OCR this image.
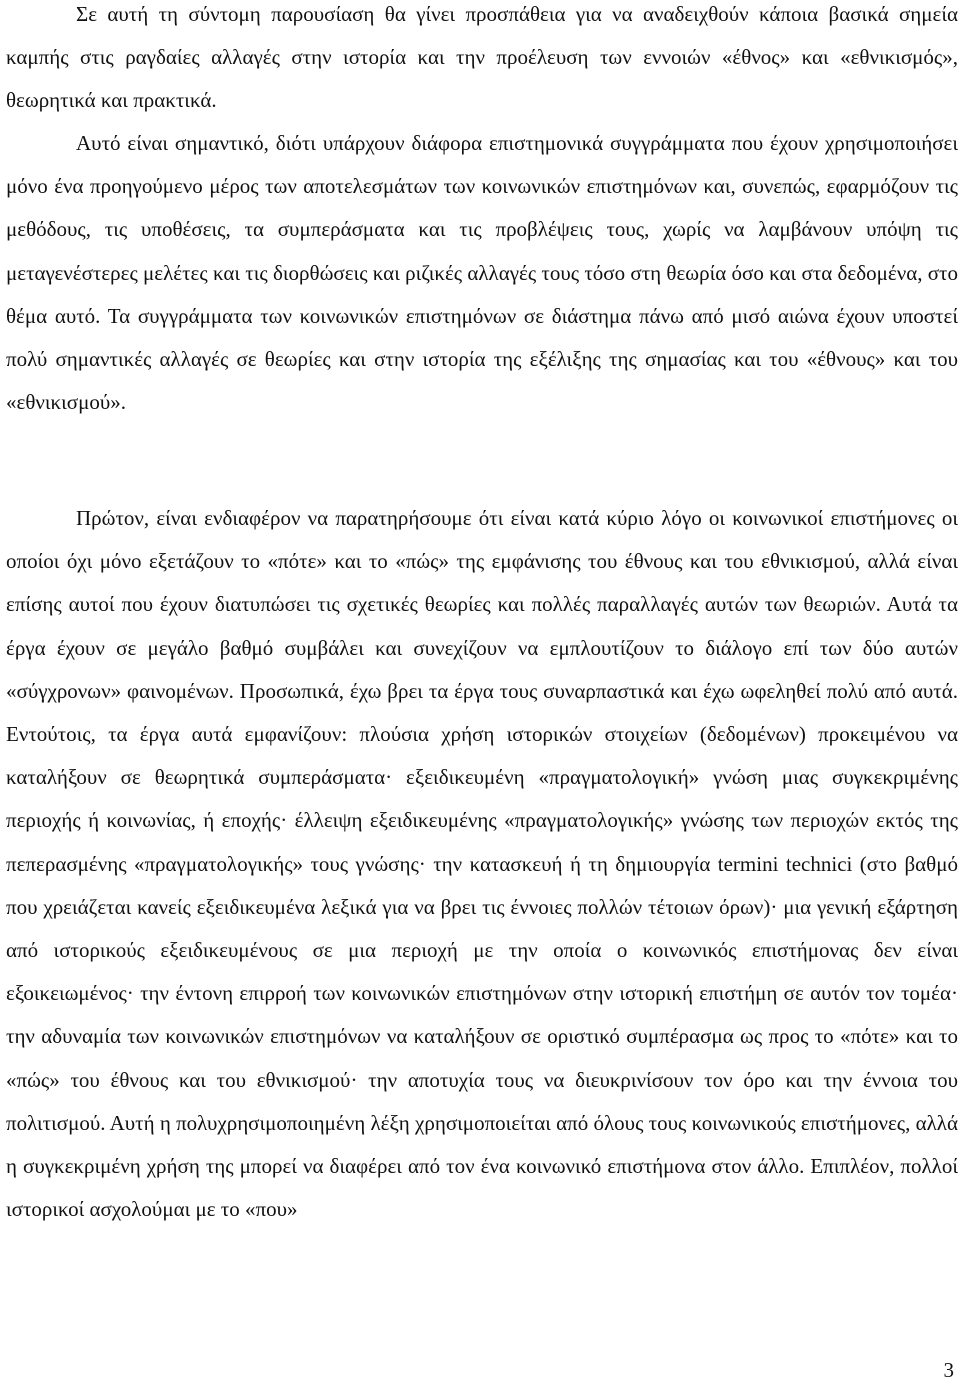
Σε αυτή τη σύντομη παρουσίαση θα γίνει προσπάθεια για να αναδειχθούν κάποια βασικά σημεία καμπής στις ραγδαίες αλλαγές στην ιστορία και την προέλευση των εννοιών «έθνος» και «εθνικισμός», θεωρητικά και πρακτικά.

Αυτό είναι σημαντικό, διότι υπάρχουν διάφορα επιστημονικά συγγράμματα που έχουν χρησιμοποιήσει μόνο ένα προηγούμενο μέρος των αποτελεσμάτων των κοινωνικών επιστημόνων και, συνεπώς, εφαρμόζουν τις μεθόδους, τις υποθέσεις, τα συμπεράσματα και τις προβλέψεις τους, χωρίς να λαμβάνουν υπόψη τις μεταγενέστερες μελέτες και τις διορθώσεις και ριζικές αλλαγές τους τόσο στη θεωρία όσο και στα δεδομένα, στο θέμα αυτό. Τα συγγράμματα των κοινωνικών επιστημόνων σε διάστημα πάνω από μισό αιώνα έχουν υποστεί πολύ σημαντικές αλλαγές σε θεωρίες και στην ιστορία της εξέλιξης της σημασίας και του «έθνους» και του «εθνικισμού».

Πρώτον, είναι ενδιαφέρον να παρατηρήσουμε ότι είναι κατά κύριο λόγο οι κοινωνικοί επιστήμονες οι οποίοι όχι μόνο εξετάζουν το «πότε» και το «πώς» της εμφάνισης του έθνους και του εθνικισμού, αλλά είναι επίσης αυτοί που έχουν διατυπώσει τις σχετικές θεωρίες και πολλές παραλλαγές αυτών των θεωριών. Αυτά τα έργα έχουν σε μεγάλο βαθμό συμβάλει και συνεχίζουν να εμπλουτίζουν το διάλογο επί των δύο αυτών «σύγχρονων» φαινομένων. Προσωπικά, έχω βρει τα έργα τους συναρπαστικά και έχω ωφεληθεί πολύ από αυτά. Εντούτοις, τα έργα αυτά εμφανίζουν: πλούσια χρήση ιστορικών στοιχείων (δεδομένων) προκειμένου να καταλήξουν σε θεωρητικά συμπεράσματα· εξειδικευμένη «πραγματολογική» γνώση μιας συγκεκριμένης περιοχής ή κοινωνίας, ή εποχής· έλλειψη εξειδικευμένης «πραγματολογικής» γνώσης των περιοχών εκτός της πεπερασμένης «πραγματολογικής» τους γνώσης· την κατασκευή ή τη δημιουργία termini technici (στο βαθμό που χρειάζεται κανείς εξειδικευμένα λεξικά για να βρει τις έννοιες πολλών τέτοιων όρων)· μια γενική εξάρτηση από ιστορικούς εξειδικευμένους σε μια περιοχή με την οποία ο κοινωνικός επιστήμονας δεν είναι εξοικειωμένος· την έντονη επιρροή των κοινωνικών επιστημόνων στην ιστορική επιστήμη σε αυτόν τον τομέα· την αδυναμία των κοινωνικών επιστημόνων να καταλήξουν σε οριστικό συμπέρασμα ως προς το «πότε» και το «πώς» του έθνους και του εθνικισμού· την αποτυχία τους να διευκρινίσουν τον όρο και την έννοια του πολιτισμού. Αυτή η πολυχρησιμοποιημένη λέξη χρησιμοποιείται από όλους τους κοινωνικούς επιστήμονες, αλλά η συγκεκριμένη χρήση της μπορεί να διαφέρει από τον ένα κοινωνικό επιστήμονα στον άλλο. Επιπλέον, πολλοί ιστορικοί ασχολούμαι με το «που»

3
